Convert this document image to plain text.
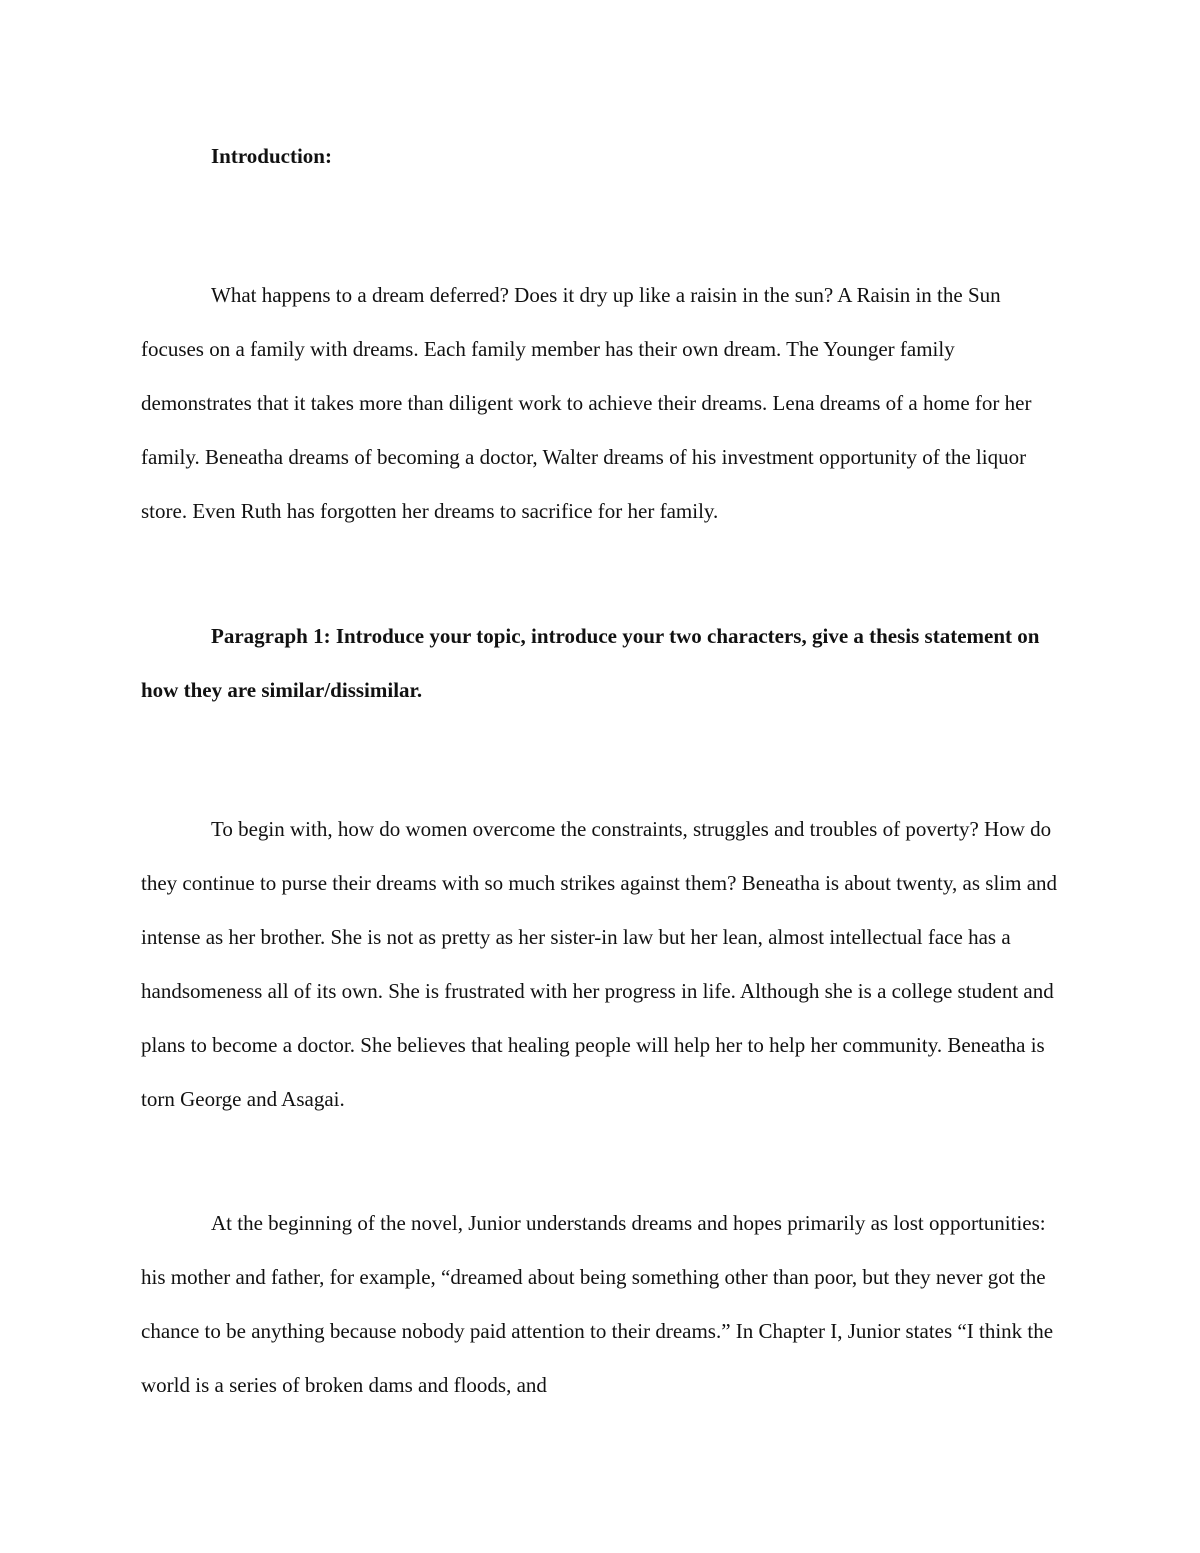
Introduction:

What happens to a dream deferred? Does it dry up like a raisin in the sun? A Raisin in the Sun focuses on a family with dreams. Each family member has their own dream. The Younger family demonstrates that it takes more than diligent work to achieve their dreams. Lena dreams of a home for her family. Beneatha dreams of becoming a doctor, Walter dreams of his investment opportunity of the liquor store. Even Ruth has forgotten her dreams to sacrifice for her family.

Paragraph 1: Introduce your topic, introduce your two characters, give a thesis statement on how they are similar/dissimilar.

To begin with, how do women overcome the constraints, struggles and troubles of poverty? How do they continue to purse their dreams with so much strikes against them? Beneatha is about twenty, as slim and intense as her brother. She is not as pretty as her sister-in law but her lean, almost intellectual face has a handsomeness all of its own. She is frustrated with her progress in life. Although she is a college student and plans to become a doctor. She believes that healing people will help her to help her community. Beneatha is torn George and Asagai.

At the beginning of the novel, Junior understands dreams and hopes primarily as lost opportunities: his mother and father, for example, “dreamed about being something other than poor, but they never got the chance to be anything because nobody paid attention to their dreams.” In Chapter I, Junior states “I think the world is a series of broken dams and floods, and
